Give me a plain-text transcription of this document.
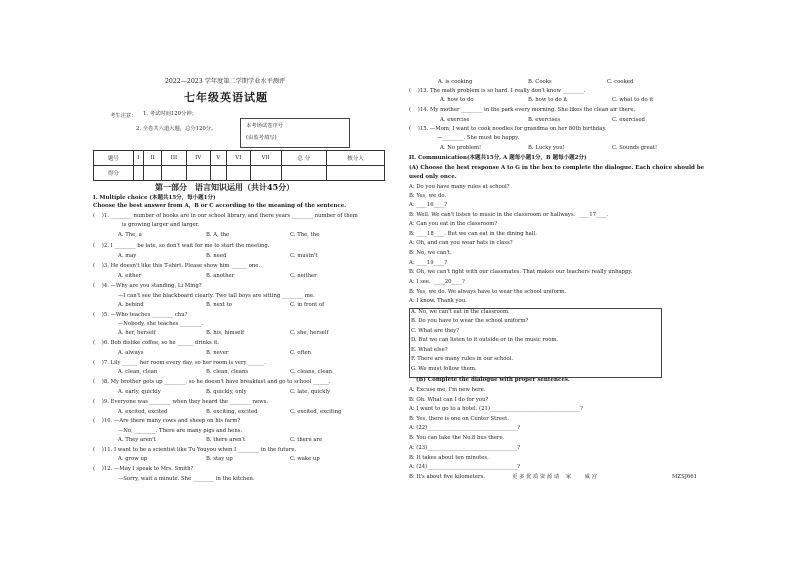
2022—2023 学年度第二学期学业水平测评
七年级英语试题
考生注意： 1. 考试时间120分钟；
2. 全卷共六道大题，总分120分。	本考场试卷序号
(由监考填写)
题号	I	II	III	IV	V	VI	VII	总 分	核分人
得分									
第一部分　语言知识运用（共计45分）
I. Multiple choice (本题共15分，每小题1分)
Choose the best answer from A，B or C according to the meaning of the sentence.
(    )1. ________ number of books are in our school library, and there years ________ number of them
is growing larger and larger.
A. The, a	B. A, the	C. The, the
(    )2. I ________ be late, so don't wait for me to start the meeting.
A. may	B. need	C. mustn't
(    )3. He doesn't like this T-shirt. Please show him ______ one.
A. either	B. another	C. neither
(    )4. —Why are you standing, Li Ming?
—I can't see the blackboard clearly. Two tall boys are sitting ________ me.
A. behind	B. next to	C. in front of
(    )5. —Who teaches ________ chu?
—Nobody, she teaches ________.
A. her, herself	B. his, himself	C. she, herself
(    )6. Bob dislike coffee, so he ______ drinks it.
A. always	B. never	C. often
(    )7. Lily ______ her room every day, so her room is very ______.
A. clean, clean	B. clean, cleans	C. cleans, clean
(    )8. My brother gets up ________, so he doesn't have breakfast and go to school ______.
A. early, quickly	B. quickly, only	C. late, quickly
(    )9. Everyone was ________ when they heard the ________ news.
A. excited, excited	B. exciting, excited	C. excited, exciting
(    )10. —Are there many cows and sheep on his farm?
—No, ________. There are many pigs and hens.
A. They aren't	B. there aren't	C. there are
(    )11. I want to be a scientist like Tu Youyou when I ________ in the future.
A. grow up	B. stay up	C. wake up
(    )12. —May I speak to Mrs. Smith?
—Sorry, wait a minute. She ________ in the kitchen.
A. is cooking	B. Cooks	C. cooked
(    )13. The math problem is so hard. I really don't know ________.
A. how to do	B. how to do it	C. what to do it
(    )14. My mother ________ in the park every morning. She likes the clean air there.
A. exercise	B. exercises	C. exercised
(    )15. —Mom, I want to cook noodles for grandma on her 80th birthday.
—________. She must be happy.
A. No problem!	B. Lucky you!	C. Sounds great!
II. Communication(本题共15分, A 题每小题1分，B 题每小题2分)
(A) Choose the best response A to G in the box to complete the dialogue. Each choice should be
used only once.
A: Do you have many rules at school?
B: Yes, we do.
A: ____16____?
B: Well. We can't listen to music in the classroom or hallways.  ____17____.
A: Can you eat in the classroom?
B: ____18____. But we can eat in the dining hall.
A: Oh, and can you wear hats in class?
B: No, we can't.
A: ____19____?
B: Oh, we can't fight with our classmates. That makes our teachers really unhappy.
A: I see.  ____20____?
B: Yes, we do. We always have to wear the school uniform.
A: I know. Thank you.
A. No, we can't eat in the classroom.
B. Do you have to wear the school uniform?
C. What are they?
D. But we can listen to it outside or in the music room.
E. What else?
F. There are many rules in our school.
G. We must follow them.
(B) Complete the dialogue with proper sentences.
A: Excuse me, I'm new here.
B: Oh. What can I do for you?
A: I want to go to a hotel. (21)__________________________________?
B: Yes, there is one on Center Street.
A: (22)__________________________________?
B: You can take the No.8 bus there.
A: (23)__________________________________?
B: It takes about ten minutes.
A: (24)__________________________________?
B: It's about five kilometers.	更 多 优 质 资 源 请    家        威 宫	MZSJ661
